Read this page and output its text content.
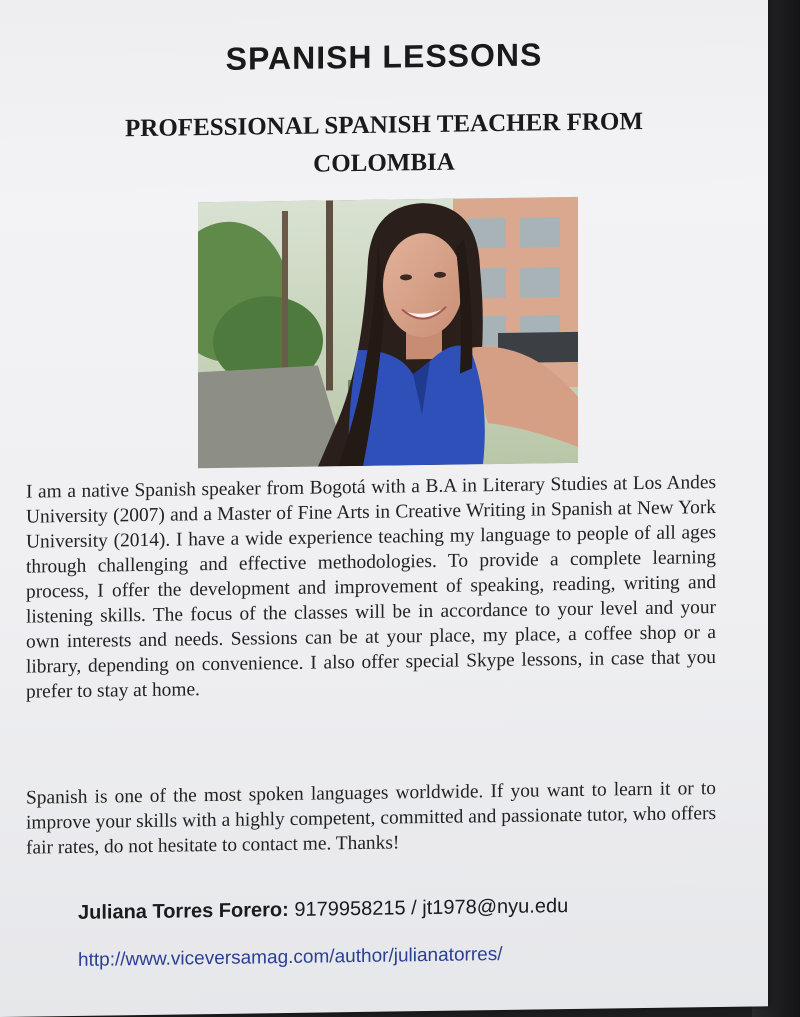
SPANISH LESSONS
PROFESSIONAL SPANISH TEACHER FROM COLOMBIA

I am a native Spanish speaker from Bogotá with a B.A in Literary Studies at Los Andes University (2007) and a Master of Fine Arts in Creative Writing in Spanish at New York University (2014). I have a wide experience teaching my language to people of all ages through challenging and effective methodologies. To provide a complete learning process, I offer the development and improvement of speaking, reading, writing and listening skills. The focus of the classes will be in accordance to your level and your own interests and needs. Sessions can be at your place, my place, a coffee shop or a library, depending on convenience. I also offer special Skype lessons, in case that you prefer to stay at home.

Spanish is one of the most spoken languages worldwide. If you want to learn it or to improve your skills with a highly competent, committed and passionate tutor, who offers fair rates, do not hesitate to contact me. Thanks!

Juliana Torres Forero: 9179958215 / jt1978@nyu.edu

http://www.viceversamag.com/author/julianatorres/
